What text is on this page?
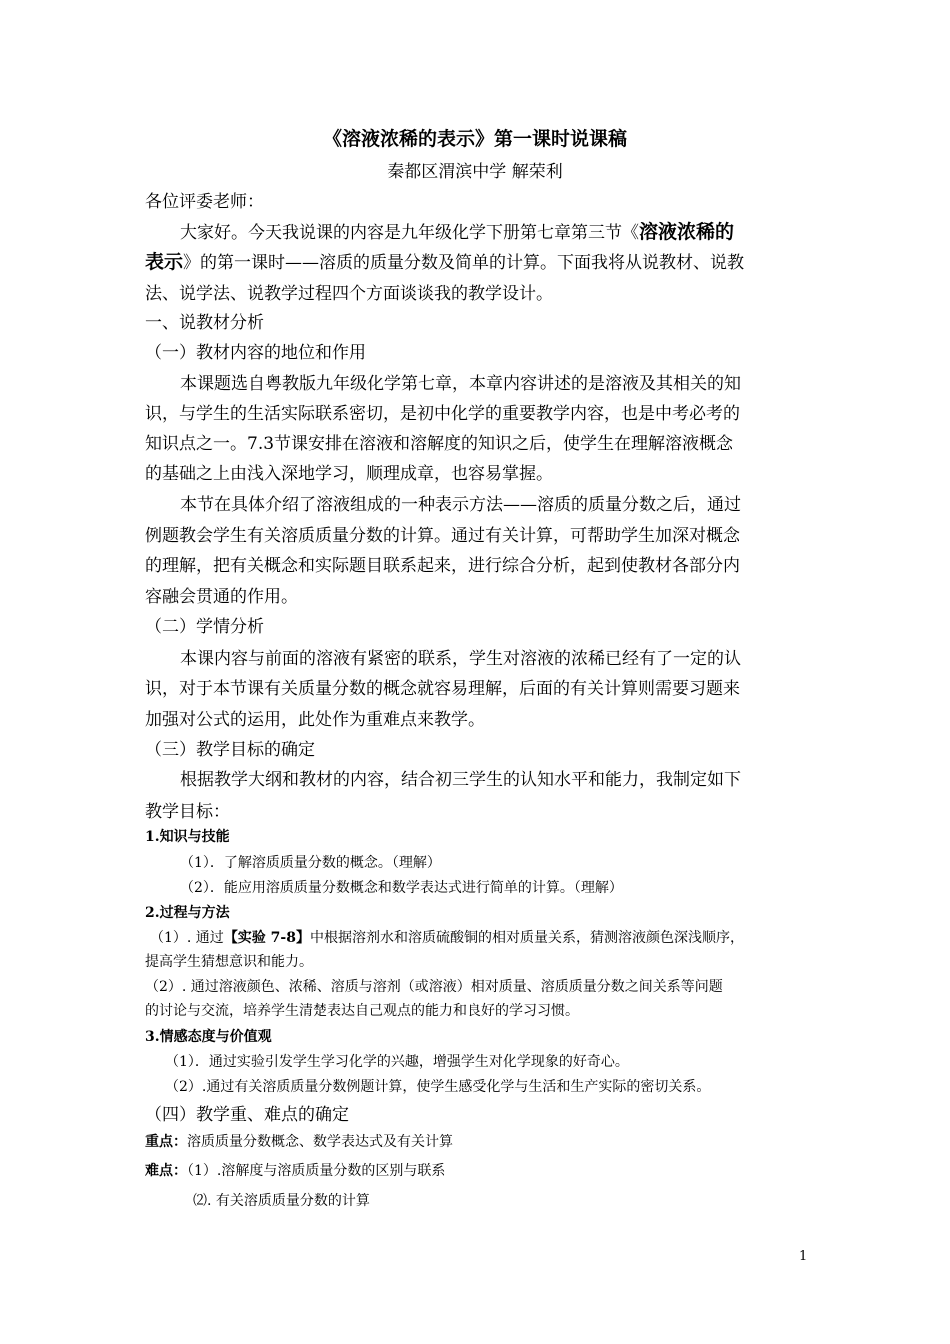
《溶液浓稀的表示》第一课时说课稿

秦都区渭滨中学 解荣利

各位评委老师：

大家好。今天我说课的内容是九年级化学下册第七章第三节《溶液浓稀的

表示》的第一课时——溶质的质量分数及简单的计算。下面我将从说教材、说教

法、说学法、说教学过程四个方面谈谈我的教学设计。

一、说教材分析

（一）教材内容的地位和作用

本课题选自粤教版九年级化学第七章，本章内容讲述的是溶液及其相关的知

识，与学生的生活实际联系密切，是初中化学的重要教学内容，也是中考必考的

知识点之一。7.3节课安排在溶液和溶解度的知识之后，使学生在理解溶液概念

的基础之上由浅入深地学习，顺理成章，也容易掌握。

本节在具体介绍了溶液组成的一种表示方法——溶质的质量分数之后，通过

例题教会学生有关溶质质量分数的计算。通过有关计算，可帮助学生加深对概念

的理解，把有关概念和实际题目联系起来，进行综合分析，起到使教材各部分内

容融会贯通的作用。

（二）学情分析

本课内容与前面的溶液有紧密的联系，学生对溶液的浓稀已经有了一定的认

识，对于本节课有关质量分数的概念就容易理解，后面的有关计算则需要习题来

加强对公式的运用，此处作为重难点来教学。

（三）教学目标的确定

根据教学大纲和教材的内容，结合初三学生的认知水平和能力，我制定如下

教学目标：

1.知识与技能

（1）．了解溶质质量分数的概念。（理解）

（2）．能应用溶质质量分数概念和数学表达式进行简单的计算。（理解）

2.过程与方法

（1）. 通过【实验 7-8】中根据溶剂水和溶质硫酸铜的相对质量关系，猜测溶液颜色深浅顺序，

提高学生猜想意识和能力。

（2）. 通过溶液颜色、浓稀、溶质与溶剂（或溶液）相对质量、溶质质量分数之间关系等问题

的讨论与交流，培养学生清楚表达自己观点的能力和良好的学习习惯。

3.情感态度与价值观

（1）．通过实验引发学生学习化学的兴趣，增强学生对化学现象的好奇心。

（2）.通过有关溶质质量分数例题计算，使学生感受化学与生活和生产实际的密切关系。

（四）教学重、难点的确定

重点：溶质质量分数概念、数学表达式及有关计算

难点：（1）.溶解度与溶质质量分数的区别与联系

⑵. 有关溶质质量分数的计算

1
